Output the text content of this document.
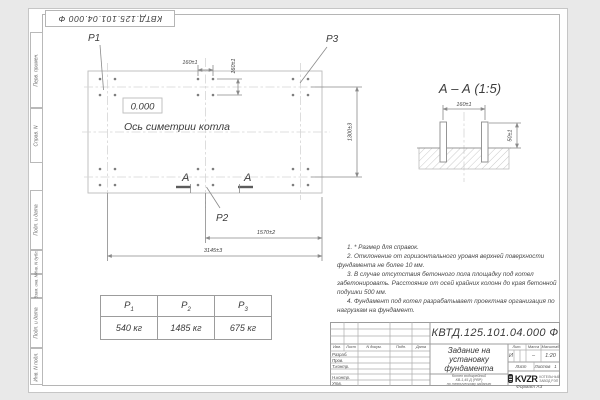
Перв. примен.
Справ. N
Подп. и дата
Инв. N дубл.
Взам. инв. N
Подп. и дата
Инв. N подл.
КВТД.125.101.04.000 Ф
P1	P3
P2
А	А
160±1	160±1
1300±3
1570±2
3145±3
0.000
Ось симетрии котла
А – А (1:5)
160±1
50±1
$P_1$	$P_2$	$P_3$
540 кг	1485 кг	675 кг

1. * Размер для справок.

2. Отклонение от горизонтального уровня верхней поверхности фундамента не более 10 мм.

3. В случае отсутствия бетонного пола площадку под котел забетонировать. Расстояние от осей крайних колонн до края бетонной подушки 500 мм.

4. Фундамент под котел разрабатывает проектная организация по нагрузкам на фундамент.

Изм.	Лист	N докум.	Подп.	Дата
Разраб.
Пров.
Т.контр.
Н.контр.
Утв.
КВТД.125.101.04.000 Ф
Задание на
установку
фундамента
Котел водогрейный
КВ-1,45 Д (РВР)
по техническому заданию
Лит.	Масса Масштаб
И	–	1:20
Лист	Листов 1
KVZR КОТЕЛЬНЫЙ
ЗАВОД РЭП
Формат А3
